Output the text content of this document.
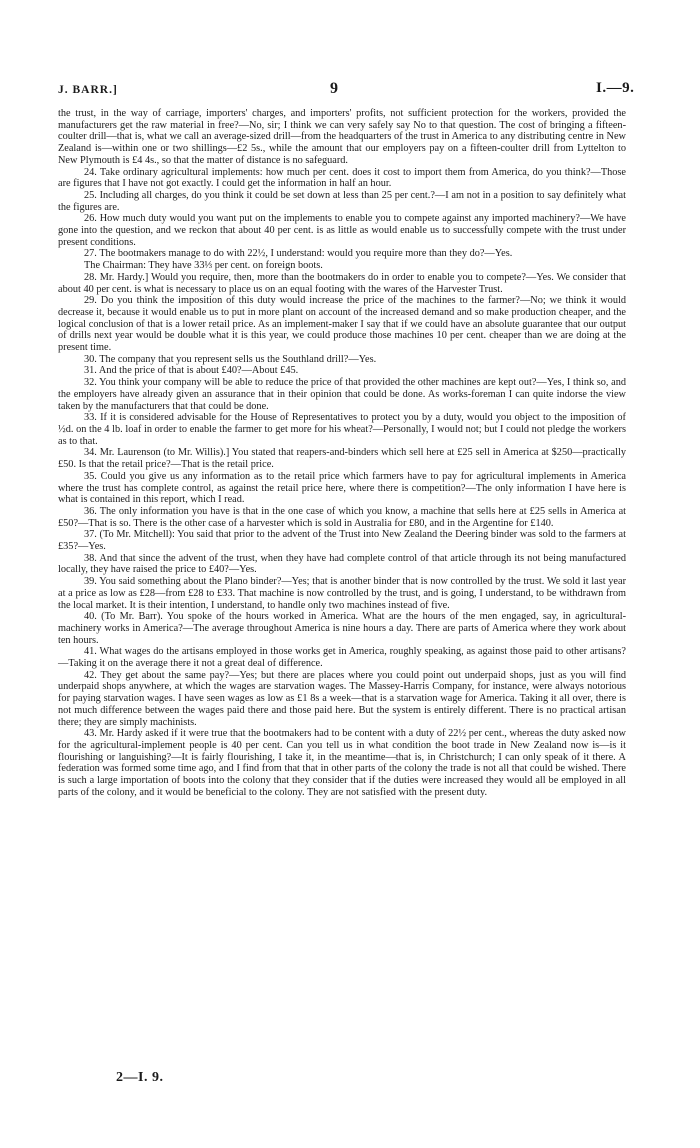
J. BARR.]	9	I.—9.

the trust, in the way of carriage, importers' charges, and importers' profits, not sufficient protection for the workers, provided the manufacturers get the raw material in free?—No, sir; I think we can very safely say No to that question. The cost of bringing a fifteen-coulter drill—that is, what we call an average-sized drill—from the headquarters of the trust in America to any distributing centre in New Zealand is—within one or two shillings—£2 5s., while the amount that our employers pay on a fifteen-coulter drill from Lyttelton to New Plymouth is £4 4s., so that the matter of distance is no safeguard.

24. Take ordinary agricultural implements: how much per cent. does it cost to import them from America, do you think?—Those are figures that I have not got exactly. I could get the information in half an hour.

25. Including all charges, do you think it could be set down at less than 25 per cent.?—I am not in a position to say definitely what the figures are.

26. How much duty would you want put on the implements to enable you to compete against any imported machinery?—We have gone into the question, and we reckon that about 40 per cent. is as little as would enable us to successfully compete with the trust under present conditions.

27. The bootmakers manage to do with 22½, I understand: would you require more than they do?—Yes.

The Chairman: They have 33⅓ per cent. on foreign boots.

28. Mr. Hardy.] Would you require, then, more than the bootmakers do in order to enable you to compete?—Yes. We consider that about 40 per cent. is what is necessary to place us on an equal footing with the wares of the Harvester Trust.

29. Do you think the imposition of this duty would increase the price of the machines to the farmer?—No; we think it would decrease it, because it would enable us to put in more plant on account of the increased demand and so make production cheaper, and the logical conclusion of that is a lower retail price. As an implement-maker I say that if we could have an absolute guarantee that our output of drills next year would be double what it is this year, we could produce those machines 10 per cent. cheaper than we are doing at the present time.

30. The company that you represent sells us the Southland drill?—Yes.

31. And the price of that is about £40?—About £45.

32. You think your company will be able to reduce the price of that provided the other machines are kept out?—Yes, I think so, and the employers have already given an assurance that in their opinion that could be done. As works-foreman I can quite indorse the view taken by the manufacturers that that could be done.

33. If it is considered advisable for the House of Representatives to protect you by a duty, would you object to the imposition of ½d. on the 4 lb. loaf in order to enable the farmer to get more for his wheat?—Personally, I would not; but I could not pledge the workers as to that.

34. Mr. Laurenson (to Mr. Willis).] You stated that reapers-and-binders which sell here at £25 sell in America at $250—practically £50. Is that the retail price?—That is the retail price.

35. Could you give us any information as to the retail price which farmers have to pay for agricultural implements in America where the trust has complete control, as against the retail price here, where there is competition?—The only information I have here is what is contained in this report, which I read.

36. The only information you have is that in the one case of which you know, a machine that sells here at £25 sells in America at £50?—That is so. There is the other case of a harvester which is sold in Australia for £80, and in the Argentine for £140.

37. (To Mr. Mitchell): You said that prior to the advent of the Trust into New Zealand the Deering binder was sold to the farmers at £35?—Yes.

38. And that since the advent of the trust, when they have had complete control of that article through its not being manufactured locally, they have raised the price to £40?—Yes.

39. You said something about the Plano binder?—Yes; that is another binder that is now controlled by the trust. We sold it last year at a price as low as £28—from £28 to £33. That machine is now controlled by the trust, and is going, I understand, to be withdrawn from the local market. It is their intention, I understand, to handle only two machines instead of five.

40. (To Mr. Barr). You spoke of the hours worked in America. What are the hours of the men engaged, say, in agricultural-machinery works in America?—The average throughout America is nine hours a day. There are parts of America where they work about ten hours.

41. What wages do the artisans employed in those works get in America, roughly speaking, as against those paid to other artisans?—Taking it on the average there it not a great deal of difference.

42. They get about the same pay?—Yes; but there are places where you could point out underpaid shops, just as you will find underpaid shops anywhere, at which the wages are starvation wages. The Massey-Harris Company, for instance, were always notorious for paying starvation wages. I have seen wages as low as £1 8s a week—that is a starvation wage for America. Taking it all over, there is not much difference between the wages paid there and those paid here. But the system is entirely different. There is no practical artisan there; they are simply machinists.

43. Mr. Hardy asked if it were true that the bootmakers had to be content with a duty of 22½ per cent., whereas the duty asked now for the agricultural-implement people is 40 per cent. Can you tell us in what condition the boot trade in New Zealand now is—is it flourishing or languishing?—It is fairly flourishing, I take it, in the meantime—that is, in Christchurch; I can only speak of it there. A federation was formed some time ago, and I find from that that in other parts of the colony the trade is not all that could be wished. There is such a large importation of boots into the colony that they consider that if the duties were increased they would all be employed in all parts of the colony, and it would be beneficial to the colony. They are not satisfied with the present duty.

2—I. 9.
